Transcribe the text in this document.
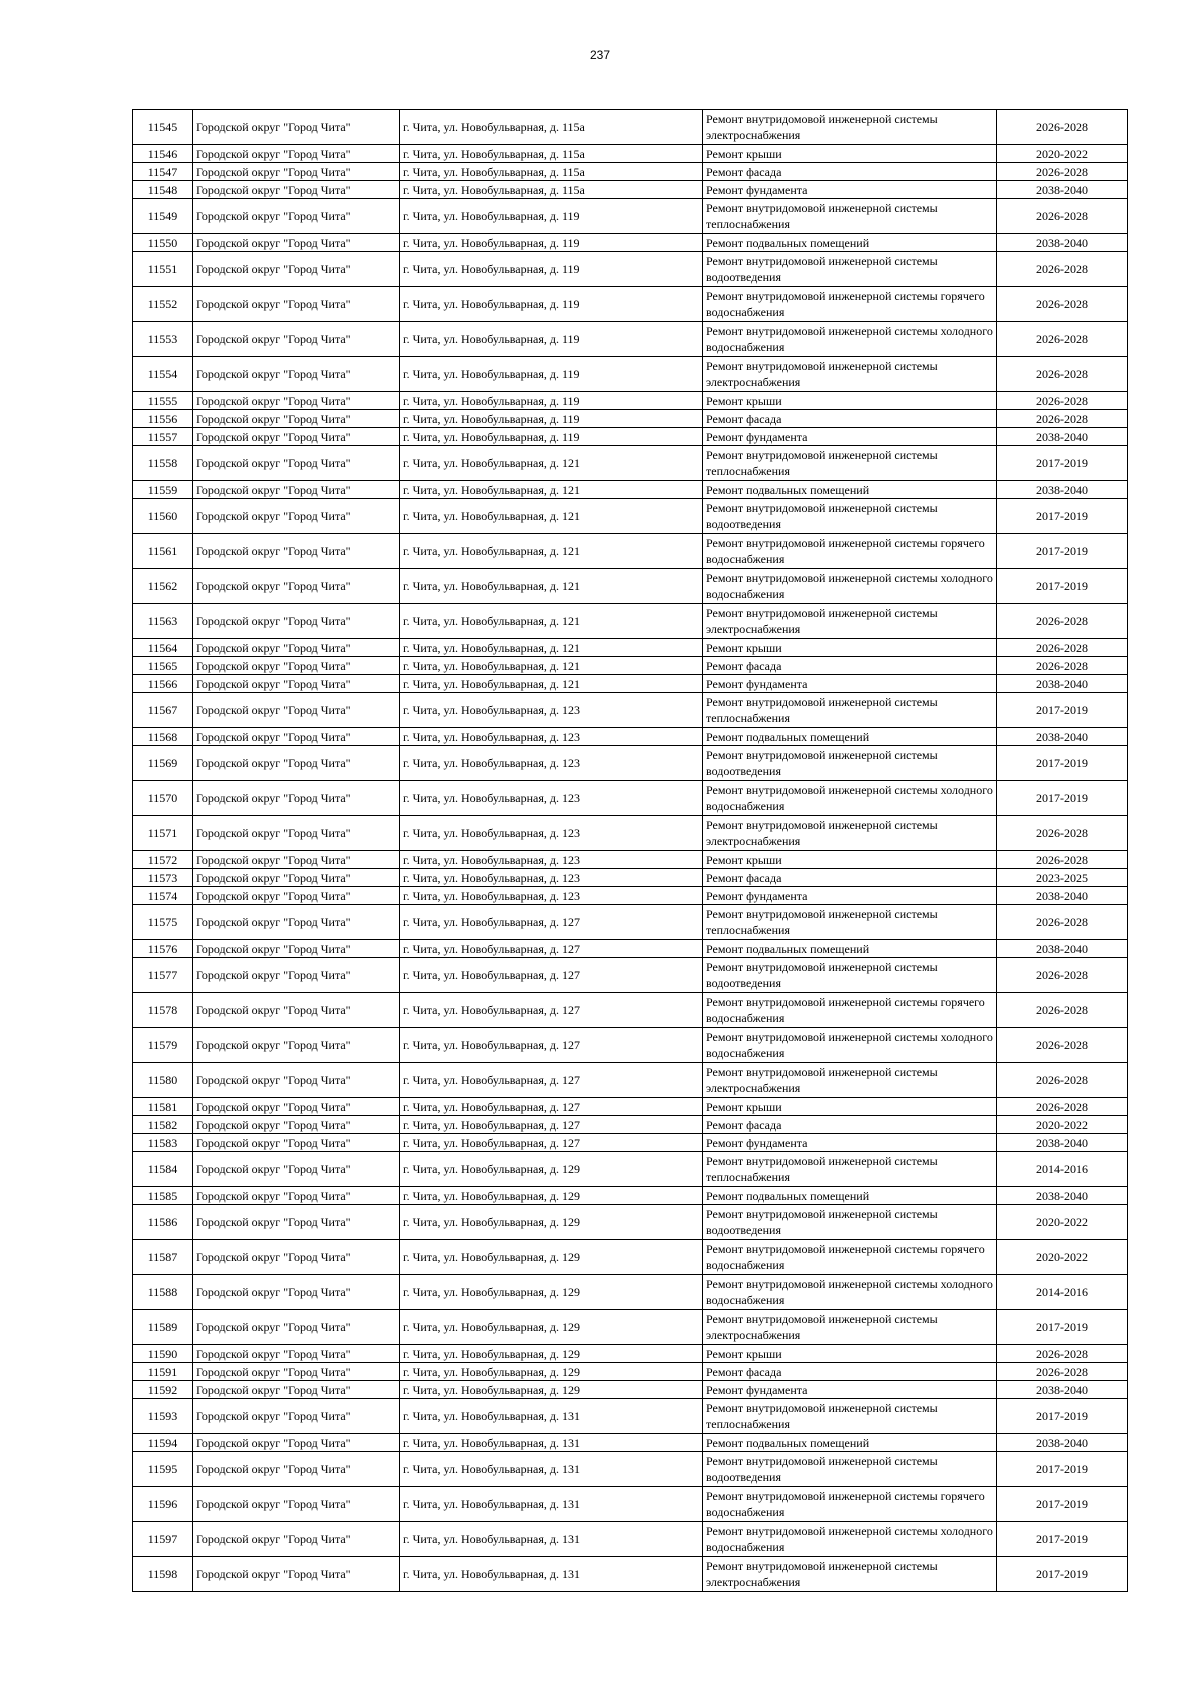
237
11545	Городской округ "Город Чита"	г. Чита, ул. Новобульварная, д. 115а	Ремонт внутридомовой инженерной системы электроснабжения	2026-2028
11546	Городской округ "Город Чита"	г. Чита, ул. Новобульварная, д. 115а	Ремонт крыши	2020-2022
11547	Городской округ "Город Чита"	г. Чита, ул. Новобульварная, д. 115а	Ремонт фасада	2026-2028
11548	Городской округ "Город Чита"	г. Чита, ул. Новобульварная, д. 115а	Ремонт фундамента	2038-2040
11549	Городской округ "Город Чита"	г. Чита, ул. Новобульварная, д. 119	Ремонт внутридомовой инженерной системы теплоснабжения	2026-2028
11550	Городской округ "Город Чита"	г. Чита, ул. Новобульварная, д. 119	Ремонт подвальных помещений	2038-2040
11551	Городской округ "Город Чита"	г. Чита, ул. Новобульварная, д. 119	Ремонт внутридомовой инженерной системы водоотведения	2026-2028
11552	Городской округ "Город Чита"	г. Чита, ул. Новобульварная, д. 119	Ремонт внутридомовой инженерной системы горячего водоснабжения	2026-2028
11553	Городской округ "Город Чита"	г. Чита, ул. Новобульварная, д. 119	Ремонт внутридомовой инженерной системы холодного водоснабжения	2026-2028
11554	Городской округ "Город Чита"	г. Чита, ул. Новобульварная, д. 119	Ремонт внутридомовой инженерной системы электроснабжения	2026-2028
11555	Городской округ "Город Чита"	г. Чита, ул. Новобульварная, д. 119	Ремонт крыши	2026-2028
11556	Городской округ "Город Чита"	г. Чита, ул. Новобульварная, д. 119	Ремонт фасада	2026-2028
11557	Городской округ "Город Чита"	г. Чита, ул. Новобульварная, д. 119	Ремонт фундамента	2038-2040
11558	Городской округ "Город Чита"	г. Чита, ул. Новобульварная, д. 121	Ремонт внутридомовой инженерной системы теплоснабжения	2017-2019
11559	Городской округ "Город Чита"	г. Чита, ул. Новобульварная, д. 121	Ремонт подвальных помещений	2038-2040
11560	Городской округ "Город Чита"	г. Чита, ул. Новобульварная, д. 121	Ремонт внутридомовой инженерной системы водоотведения	2017-2019
11561	Городской округ "Город Чита"	г. Чита, ул. Новобульварная, д. 121	Ремонт внутридомовой инженерной системы горячего водоснабжения	2017-2019
11562	Городской округ "Город Чита"	г. Чита, ул. Новобульварная, д. 121	Ремонт внутридомовой инженерной системы холодного водоснабжения	2017-2019
11563	Городской округ "Город Чита"	г. Чита, ул. Новобульварная, д. 121	Ремонт внутридомовой инженерной системы электроснабжения	2026-2028
11564	Городской округ "Город Чита"	г. Чита, ул. Новобульварная, д. 121	Ремонт крыши	2026-2028
11565	Городской округ "Город Чита"	г. Чита, ул. Новобульварная, д. 121	Ремонт фасада	2026-2028
11566	Городской округ "Город Чита"	г. Чита, ул. Новобульварная, д. 121	Ремонт фундамента	2038-2040
11567	Городской округ "Город Чита"	г. Чита, ул. Новобульварная, д. 123	Ремонт внутридомовой инженерной системы теплоснабжения	2017-2019
11568	Городской округ "Город Чита"	г. Чита, ул. Новобульварная, д. 123	Ремонт подвальных помещений	2038-2040
11569	Городской округ "Город Чита"	г. Чита, ул. Новобульварная, д. 123	Ремонт внутридомовой инженерной системы водоотведения	2017-2019
11570	Городской округ "Город Чита"	г. Чита, ул. Новобульварная, д. 123	Ремонт внутридомовой инженерной системы холодного водоснабжения	2017-2019
11571	Городской округ "Город Чита"	г. Чита, ул. Новобульварная, д. 123	Ремонт внутридомовой инженерной системы электроснабжения	2026-2028
11572	Городской округ "Город Чита"	г. Чита, ул. Новобульварная, д. 123	Ремонт крыши	2026-2028
11573	Городской округ "Город Чита"	г. Чита, ул. Новобульварная, д. 123	Ремонт фасада	2023-2025
11574	Городской округ "Город Чита"	г. Чита, ул. Новобульварная, д. 123	Ремонт фундамента	2038-2040
11575	Городской округ "Город Чита"	г. Чита, ул. Новобульварная, д. 127	Ремонт внутридомовой инженерной системы теплоснабжения	2026-2028
11576	Городской округ "Город Чита"	г. Чита, ул. Новобульварная, д. 127	Ремонт подвальных помещений	2038-2040
11577	Городской округ "Город Чита"	г. Чита, ул. Новобульварная, д. 127	Ремонт внутридомовой инженерной системы водоотведения	2026-2028
11578	Городской округ "Город Чита"	г. Чита, ул. Новобульварная, д. 127	Ремонт внутридомовой инженерной системы горячего водоснабжения	2026-2028
11579	Городской округ "Город Чита"	г. Чита, ул. Новобульварная, д. 127	Ремонт внутридомовой инженерной системы холодного водоснабжения	2026-2028
11580	Городской округ "Город Чита"	г. Чита, ул. Новобульварная, д. 127	Ремонт внутридомовой инженерной системы электроснабжения	2026-2028
11581	Городской округ "Город Чита"	г. Чита, ул. Новобульварная, д. 127	Ремонт крыши	2026-2028
11582	Городской округ "Город Чита"	г. Чита, ул. Новобульварная, д. 127	Ремонт фасада	2020-2022
11583	Городской округ "Город Чита"	г. Чита, ул. Новобульварная, д. 127	Ремонт фундамента	2038-2040
11584	Городской округ "Город Чита"	г. Чита, ул. Новобульварная, д. 129	Ремонт внутридомовой инженерной системы теплоснабжения	2014-2016
11585	Городской округ "Город Чита"	г. Чита, ул. Новобульварная, д. 129	Ремонт подвальных помещений	2038-2040
11586	Городской округ "Город Чита"	г. Чита, ул. Новобульварная, д. 129	Ремонт внутридомовой инженерной системы водоотведения	2020-2022
11587	Городской округ "Город Чита"	г. Чита, ул. Новобульварная, д. 129	Ремонт внутридомовой инженерной системы горячего водоснабжения	2020-2022
11588	Городской округ "Город Чита"	г. Чита, ул. Новобульварная, д. 129	Ремонт внутридомовой инженерной системы холодного водоснабжения	2014-2016
11589	Городской округ "Город Чита"	г. Чита, ул. Новобульварная, д. 129	Ремонт внутридомовой инженерной системы электроснабжения	2017-2019
11590	Городской округ "Город Чита"	г. Чита, ул. Новобульварная, д. 129	Ремонт крыши	2026-2028
11591	Городской округ "Город Чита"	г. Чита, ул. Новобульварная, д. 129	Ремонт фасада	2026-2028
11592	Городской округ "Город Чита"	г. Чита, ул. Новобульварная, д. 129	Ремонт фундамента	2038-2040
11593	Городской округ "Город Чита"	г. Чита, ул. Новобульварная, д. 131	Ремонт внутридомовой инженерной системы теплоснабжения	2017-2019
11594	Городской округ "Город Чита"	г. Чита, ул. Новобульварная, д. 131	Ремонт подвальных помещений	2038-2040
11595	Городской округ "Город Чита"	г. Чита, ул. Новобульварная, д. 131	Ремонт внутридомовой инженерной системы водоотведения	2017-2019
11596	Городской округ "Город Чита"	г. Чита, ул. Новобульварная, д. 131	Ремонт внутридомовой инженерной системы горячего водоснабжения	2017-2019
11597	Городской округ "Город Чита"	г. Чита, ул. Новобульварная, д. 131	Ремонт внутридомовой инженерной системы холодного водоснабжения	2017-2019
11598	Городской округ "Город Чита"	г. Чита, ул. Новобульварная, д. 131	Ремонт внутридомовой инженерной системы электроснабжения	2017-2019
